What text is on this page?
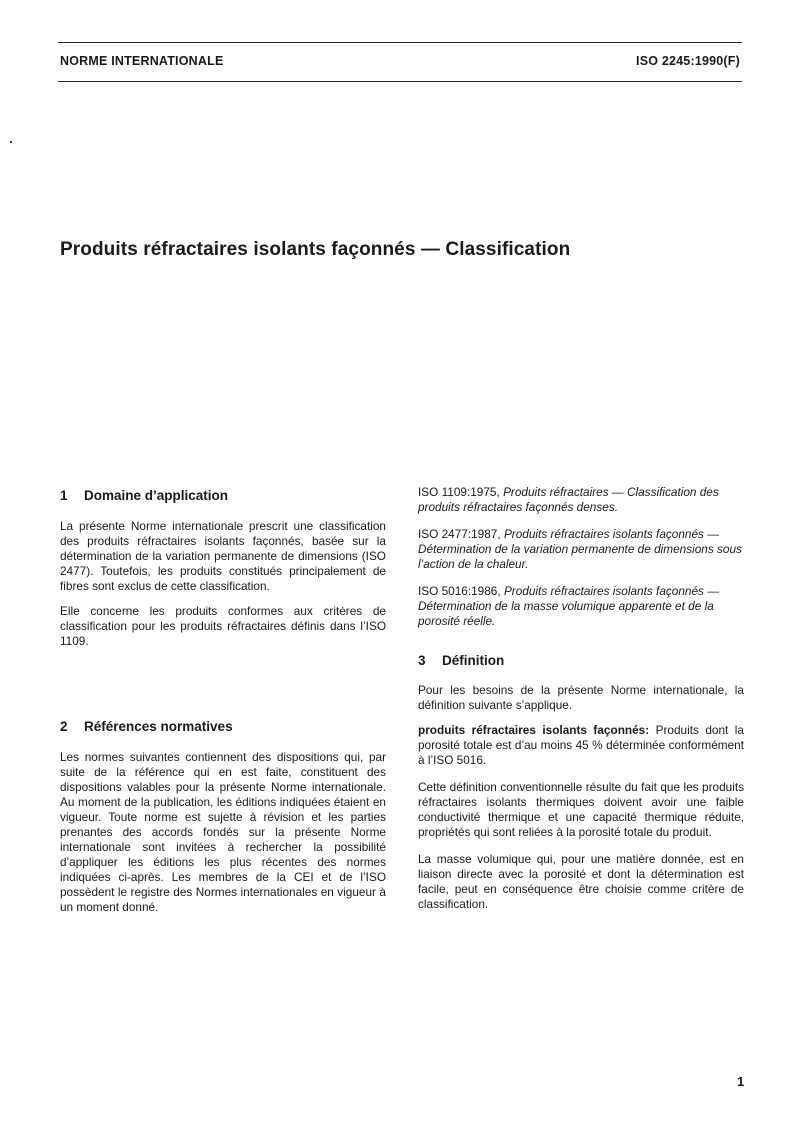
NORME INTERNATIONALE	ISO 2245:1990(F)
Produits réfractaires isolants façonnés — Classification
1 Domaine d’application

La présente Norme internationale prescrit une classification des produits réfractaires isolants façonnés, basée sur la détermination de la variation permanente de dimensions (ISO 2477). Toutefois, les produits constitués principalement de fibres sont exclus de cette classification.

Elle concerne les produits conformes aux critères de classification pour les produits réfractaires définis dans l’ISO 1109.

2 Références normatives

Les normes suivantes contiennent des dispositions qui, par suite de la référence qui en est faite, constituent des dispositions valables pour la présente Norme internationale. Au moment de la publication, les éditions indiquées étaient en vigueur. Toute norme est sujette à révision et les parties prenantes des accords fondés sur la présente Norme internationale sont invitées à rechercher la possibilité d’appliquer les éditions les plus récentes des normes indiquées ci-après. Les membres de la CEI et de l’ISO possèdent le registre des Normes internationales en vigueur à un moment donné.

ISO 1109:1975, Produits réfractaires — Classification des produits réfractaires façonnés denses.

ISO 2477:1987, Produits réfractaires isolants façonnés — Détermination de la variation permanente de dimensions sous l’action de la chaleur.

ISO 5016:1986, Produits réfractaires isolants façonnés — Détermination de la masse volumique apparente et de la porosité réelle.

3 Définition

Pour les besoins de la présente Norme internationale, la définition suivante s’applique.

produits réfractaires isolants façonnés: Produits dont la porosité totale est d’au moins 45 % déterminée conformément à l’ISO 5016.

Cette définition conventionnelle résulte du fait que les produits réfractaires isolants thermiques doivent avoir une faible conductivité thermique et une capacité thermique réduite, propriétés qui sont reliées à la porosité totale du produit.

La masse volumique qui, pour une matière donnée, est en liaison directe avec la porosité et dont la détermination est facile, peut en conséquence être choisie comme critère de classification.

1
